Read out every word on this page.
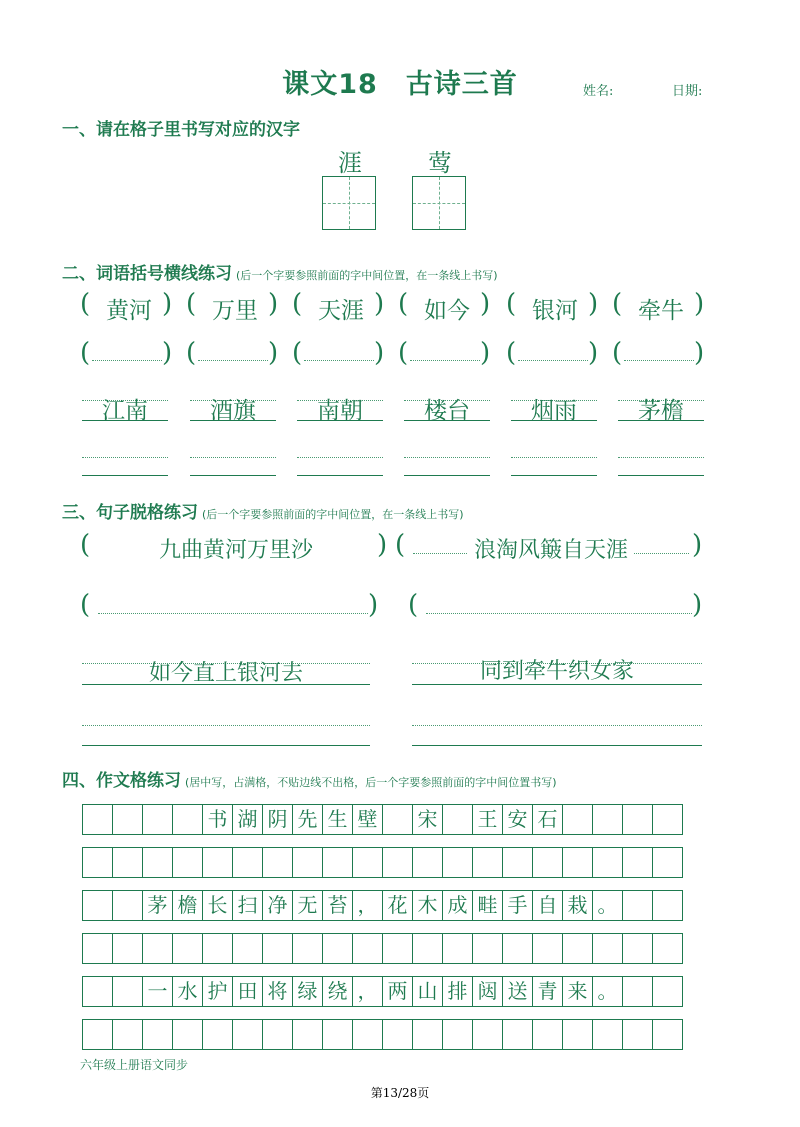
课文18　古诗三首	姓名:	日期:
一、请在格子里书写对应的汉字
涯	莺
二、词语括号横线练习 (后一个字要参照前面的字中间位置，在一条线上书写)
( 黄河 )
(	)
( 万里 )
(	)
( 天涯 )
(	)
( 如今 )
(	)
( 银河 )
(	)
( 牵牛 )
(	)
江南	酒旗	南朝	楼台	烟雨	茅檐
三、句子脱格练习 (后一个字要参照前面的字中间位置，在一条线上书写)
(	九曲黄河万里沙	) (	浪淘风簸自天涯	)
(	) (	)
如今直上银河去	同到牵牛织女家
四、作文格练习 (居中写，占满格，不贴边线不出格，后一个字要参照前面的字中间位置书写)
书 湖 阴 先 生 壁 宋 王 安 石
茅 檐 长 扫 净 无 苔 ， 花 木 成 畦 手 自 栽 。
一 水 护 田 将 绿 绕 ， 两 山 排 闼 送 青 来 。
六年级上册语文同步
第13/28页
